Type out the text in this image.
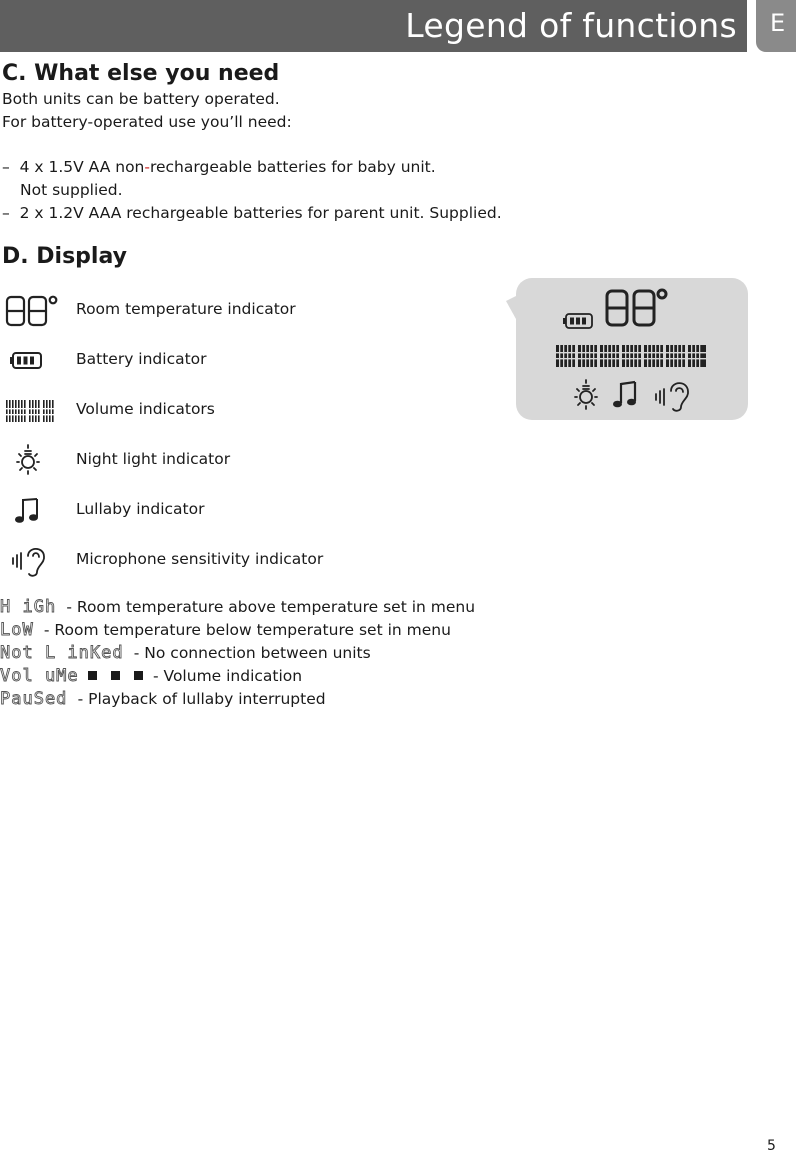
Legend of functions E
C. What else you need
Both units can be battery operated.
For battery-operated use you’ll need:
– 4 x 1.5V AA non-rechargeable batteries for baby unit.
Not supplied.
– 2 x 1.2V AAA rechargeable batteries for parent unit. Supplied.
D. Display
Room temperature indicator
Battery indicator
Volume indicators
Night light indicator
Lullaby indicator
Microphone sensitivity indicator
H iGh - Room temperature above temperature set in menu
LoW - Room temperature below temperature set in menu
Not L inKed - No connection between units
Vol uMe	- Volume indication
PauSed - Playback of lullaby interrupted
5
